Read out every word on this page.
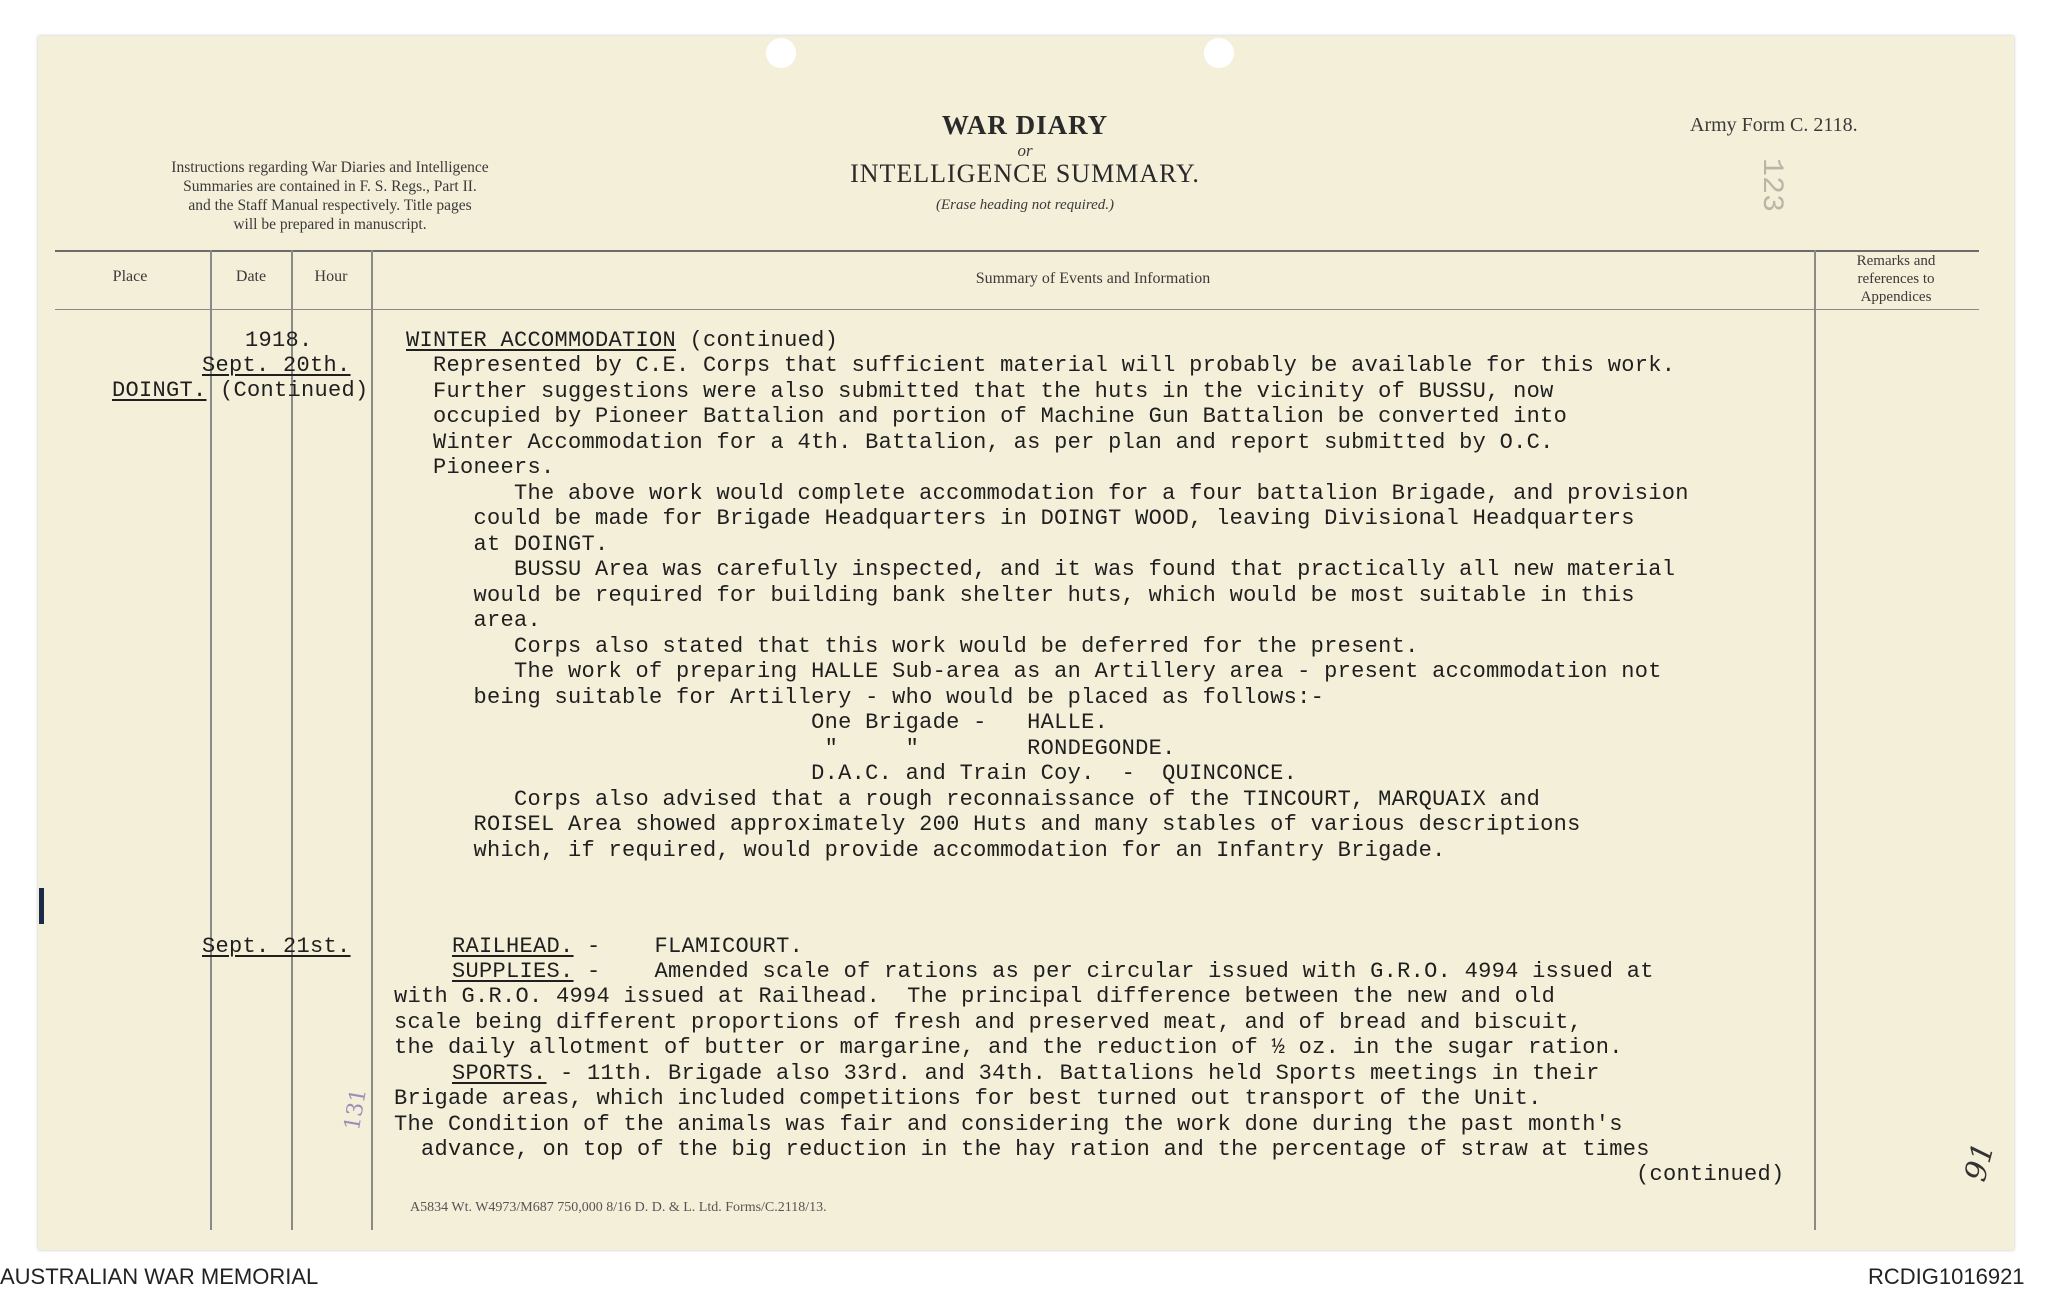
Instructions regarding War Diaries and Intelligence
Summaries are contained in F. S. Regs., Part II.
and the Staff Manual respectively. Title pages
will be prepared in manuscript.
WAR DIARY
or
INTELLIGENCE SUMMARY.
(Erase heading not required.)
Army Form C. 2118.
123
Place	Date	Hour	Summary of Events and Information
Remarks and
references to
Appendices
1918.
Sept. 20th.
DOINGT. (Continued)
WINTER ACCOMMODATION (continued)
Represented by C.E. Corps that sufficient material will probably be available for this work.
Further suggestions were also submitted that the huts in the vicinity of BUSSU, now
occupied by Pioneer Battalion and portion of Machine Gun Battalion be converted into
Winter Accommodation for a 4th. Battalion, as per plan and report submitted by O.C.
Pioneers.
The above work would complete accommodation for a four battalion Brigade, and provision
could be made for Brigade Headquarters in DOINGT WOOD, leaving Divisional Headquarters
at DOINGT.
BUSSU Area was carefully inspected, and it was found that practically all new material
would be required for building bank shelter huts, which would be most suitable in this
area.
Corps also stated that this work would be deferred for the present.
The work of preparing HALLE Sub-area as an Artillery area - present accommodation not
being suitable for Artillery - who would be placed as follows:-
One Brigade -   HALLE.
"     "        RONDEGONDE.
D.A.C. and Train Coy.  -  QUINCONCE.
Corps also advised that a rough reconnaissance of the TINCOURT, MARQUAIX and
ROISEL Area showed approximately 200 Huts and many stables of various descriptions
which, if required, would provide accommodation for an Infantry Brigade.
Sept. 21st.	RAILHEAD. -    FLAMICOURT.
SUPPLIES. -    Amended scale of rations as per circular issued with G.R.O. 4994 issued at
with G.R.O. 4994 issued at Railhead.  The principal difference between the new and old
scale being different proportions of fresh and preserved meat, and of bread and biscuit,
the daily allotment of butter or margarine, and the reduction of ½ oz. in the sugar ration.
SPORTS. - 11th. Brigade also 33rd. and 34th. Battalions held Sports meetings in their
Brigade areas, which included competitions for best turned out transport of the Unit.
The Condition of the animals was fair and considering the work done during the past month's
advance, on top of the big reduction in the hay ration and the percentage of straw at times
(continued)
131
91
A5834 Wt. W4973/M687 750,000 8/16 D. D. & L. Ltd. Forms/C.2118/13.
AUSTRALIAN WAR MEMORIAL	RCDIG1016921
